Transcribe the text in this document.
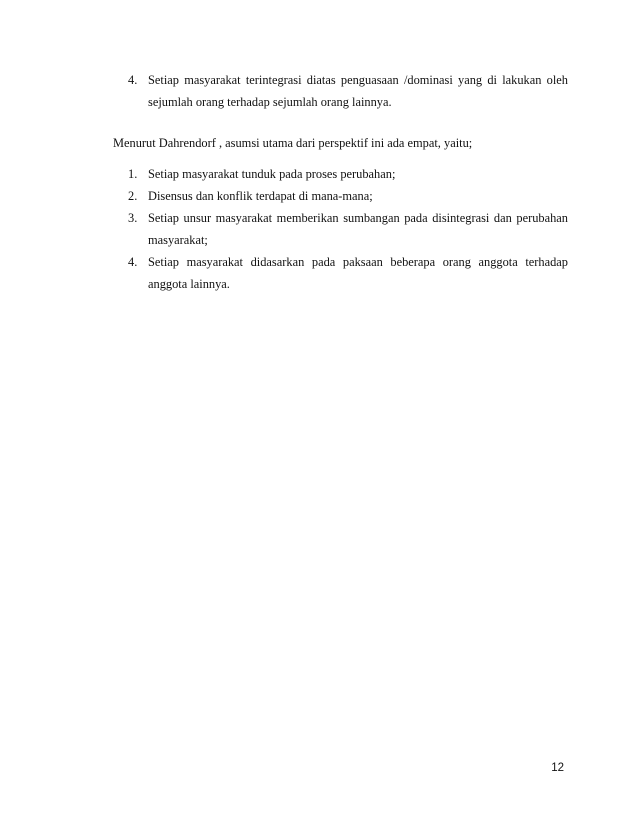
4. Setiap masyarakat terintegrasi diatas penguasaan /dominasi yang di lakukan oleh sejumlah orang terhadap sejumlah orang lainnya.

Menurut Dahrendorf , asumsi utama dari perspektif ini ada empat, yaitu;

1. Setiap masyarakat tunduk pada proses perubahan;
2. Disensus dan konflik terdapat di mana-mana;
3. Setiap unsur masyarakat memberikan sumbangan pada disintegrasi dan perubahan masyarakat;
4. Setiap masyarakat didasarkan pada paksaan beberapa orang anggota terhadap anggota lainnya.
12
